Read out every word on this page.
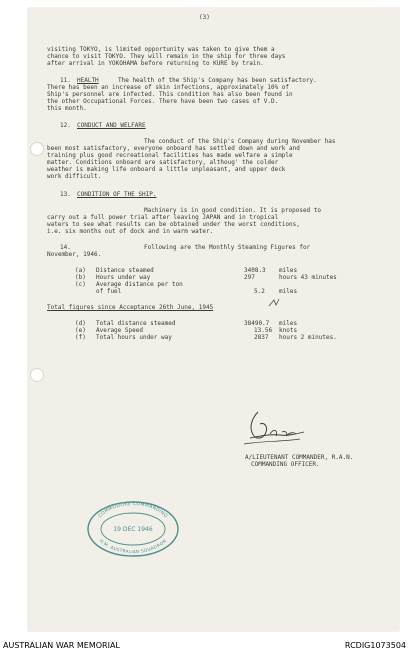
(3)
visiting TOKYO, is limited opportunity was taken to give them a
chance to visit TOKYO. They will remain in the ship for three days
after arrival in YOKOHAMA before returning to KURE by train.
11. HEALTH	The health of the Ship's Company has been satisfactory.
There has been an increase of skin infections, approximately 10% of
Ship's personnel are infected. This condition has also been found in
the other Occupational Forces. There have been two cases of V.D.
this month.
12. CONDUCT AND WELFARE
The conduct of the Ship's Company during November has
been most satisfactory, everyone onboard has settled down and work and
training plus good recreational facilities has made welfare a simple
matter. Conditions onboard are satisfactory, althoug' the colder
weather is making life onboard a little unpleasant, and upper deck
work difficult.
13. CONDITION OF THE SHIP.
Machinery is in good condition. It is proposed to
carry out a full power trial after leaving JAPAN and in tropical
waters to see what results can be obtained under the worst conditions,
i.e. six months out of dock and in warm water.
14.	Following are the Monthly Steaming Figures for
November, 1946.
(a) Distance steamed	3408.3 miles
(b) Hours under way	297	hours 43 minutes
(c) Average distance per ton
of fuel	5.2 miles
Total figures since Acceptance 26th June, 1945
(d) Total distance steamed	38490.7 miles
(e) Average Speed	13.56 knots
(f) Total hours under way	2837 hours 2 minutes.
A/LIEUTENANT COMMANDER, R.A.N.
COMMANDING OFFICER.
COMMODORE COMMANDING
19 DEC 1946
H.M. AUSTRALIAN SQUADRON
AUSTRALIAN WAR MEMORIAL	RCDIG1073504
